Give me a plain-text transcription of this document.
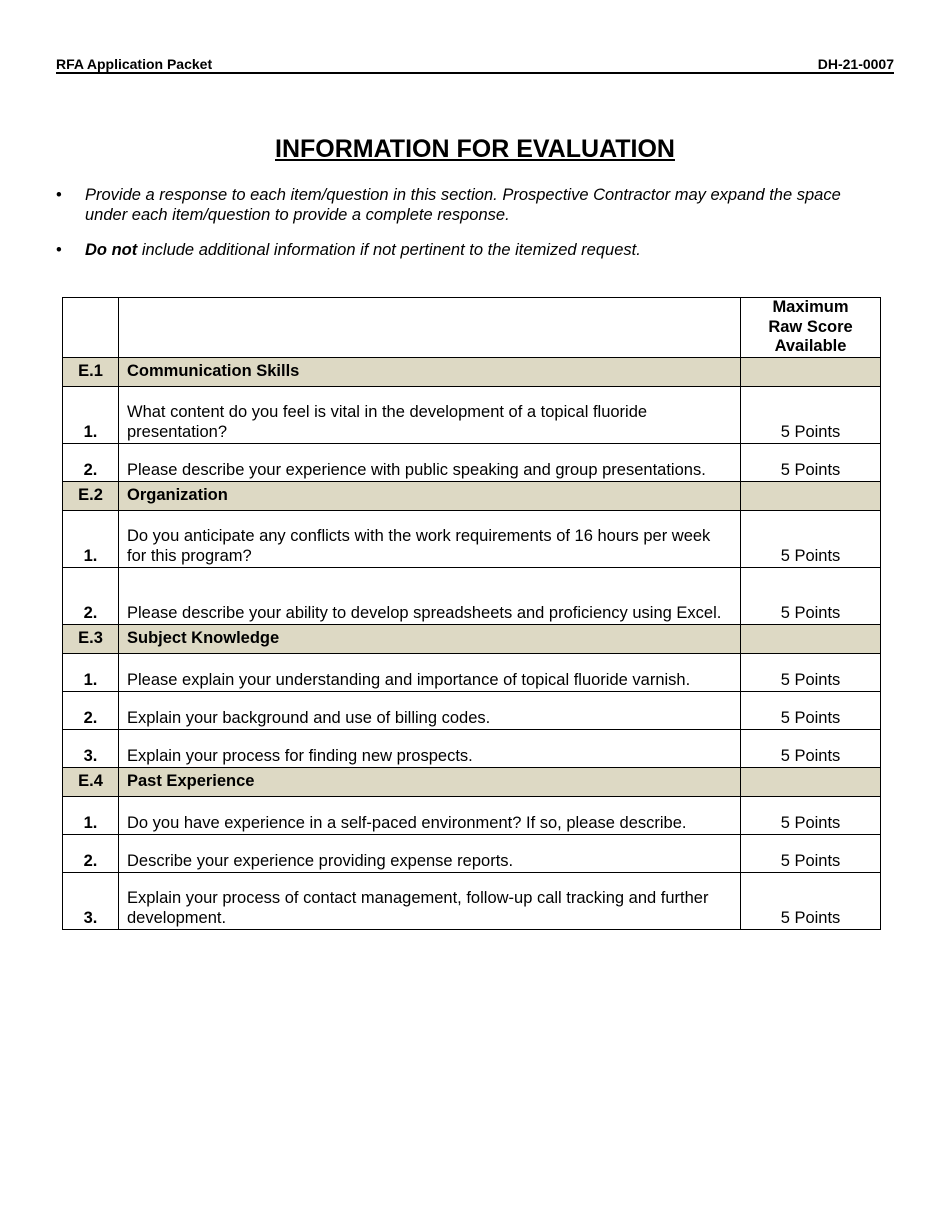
RFA Application Packet	DH-21-0007
INFORMATION FOR EVALUATION
• Provide a response to each item/question in this section. Prospective Contractor may expand the space under each item/question to provide a complete response.
• Do not include additional information if not pertinent to the itemized request.
		Maximum
Raw Score
Available
E.1	Communication Skills	
1.	What content do you feel is vital in the development of a topical fluoride presentation?	5 Points
2.	Please describe your experience with public speaking and group presentations.	5 Points
E.2	Organization	
1.	Do you anticipate any conflicts with the work requirements of 16 hours per week for this program?	5 Points
2.	Please describe your ability to develop spreadsheets and proficiency using Excel.	5 Points
E.3	Subject Knowledge	
1.	Please explain your understanding and importance of topical fluoride varnish.	5 Points
2.	Explain your background and use of billing codes.	5 Points
3.	Explain your process for finding new prospects.	5 Points
E.4	Past Experience	
1.	Do you have experience in a self-paced environment? If so, please describe.	5 Points
2.	Describe your experience providing expense reports.	5 Points
3.	Explain your process of contact management, follow-up call tracking and further development.	5 Points
